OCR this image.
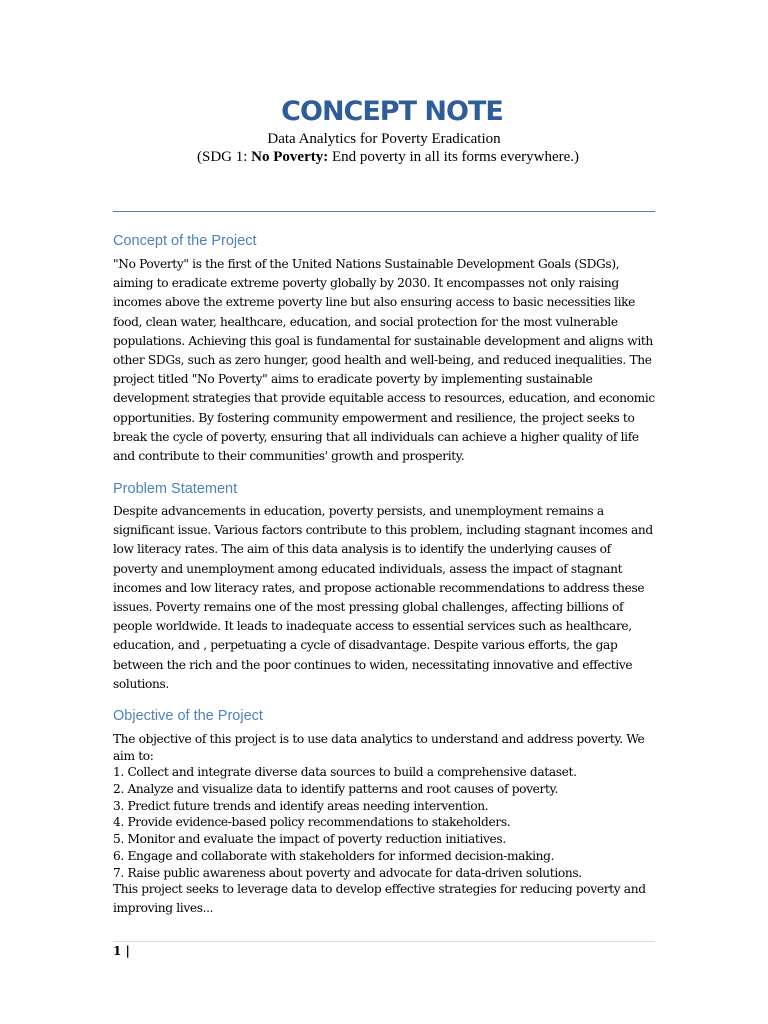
CONCEPT NOTE
Data Analytics for Poverty Eradication
(SDG 1: No Poverty: End poverty in all its forms everywhere.)
Concept of the Project
"No Poverty" is the first of the United Nations Sustainable Development Goals (SDGs),
aiming to eradicate extreme poverty globally by 2030. It encompasses not only raising
incomes above the extreme poverty line but also ensuring access to basic necessities like
food, clean water, healthcare, education, and social protection for the most vulnerable
populations. Achieving this goal is fundamental for sustainable development and aligns with
other SDGs, such as zero hunger, good health and well-being, and reduced inequalities. The
project titled "No Poverty" aims to eradicate poverty by implementing sustainable
development strategies that provide equitable access to resources, education, and economic
opportunities. By fostering community empowerment and resilience, the project seeks to
break the cycle of poverty, ensuring that all individuals can achieve a higher quality of life
and contribute to their communities' growth and prosperity.
Problem Statement
Despite advancements in education, poverty persists, and unemployment remains a
significant issue. Various factors contribute to this problem, including stagnant incomes and
low literacy rates. The aim of this data analysis is to identify the underlying causes of
poverty and unemployment among educated individuals, assess the impact of stagnant
incomes and low literacy rates, and propose actionable recommendations to address these
issues. Poverty remains one of the most pressing global challenges, affecting billions of
people worldwide. It leads to inadequate access to essential services such as healthcare,
education, and , perpetuating a cycle of disadvantage. Despite various efforts, the gap
between the rich and the poor continues to widen, necessitating innovative and effective
solutions.
Objective of the Project
The objective of this project is to use data analytics to understand and address poverty. We
aim to:
1. Collect and integrate diverse data sources to build a comprehensive dataset.
2. Analyze and visualize data to identify patterns and root causes of poverty.
3. Predict future trends and identify areas needing intervention.
4. Provide evidence-based policy recommendations to stakeholders.
5. Monitor and evaluate the impact of poverty reduction initiatives.
6. Engage and collaborate with stakeholders for informed decision-making.
7. Raise public awareness about poverty and advocate for data-driven solutions.
This project seeks to leverage data to develop effective strategies for reducing poverty and
improving lives...
1 |
